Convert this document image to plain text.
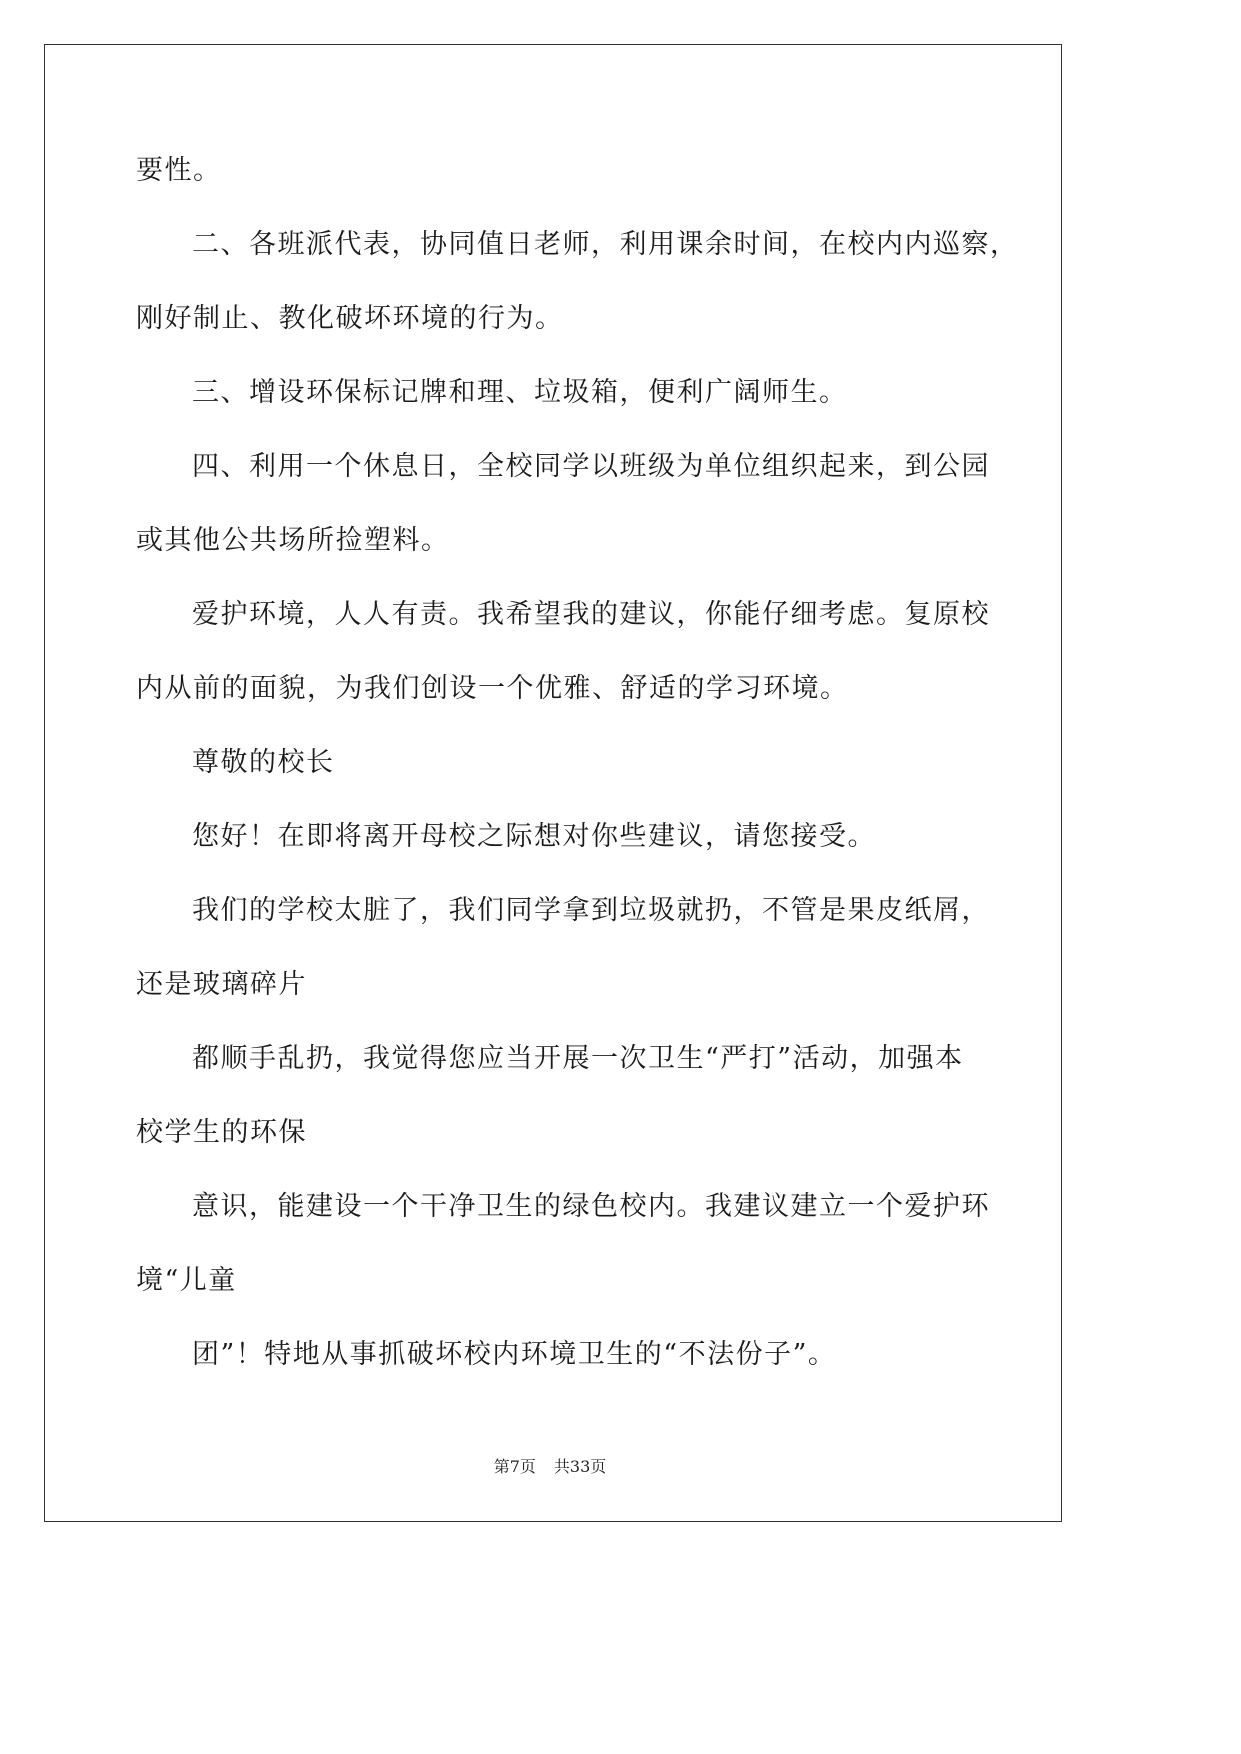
要性。
二、各班派代表，协同值日老师，利用课余时间，在校内内巡察，
刚好制止、教化破坏环境的行为。
三、增设环保标记牌和理、垃圾箱，便利广阔师生。
四、利用一个休息日，全校同学以班级为单位组织起来，到公园
或其他公共场所捡塑料。
爱护环境，人人有责。我希望我的建议，你能仔细考虑。复原校
内从前的面貌，为我们创设一个优雅、舒适的学习环境。
尊敬的校长
您好！在即将离开母校之际想对你些建议，请您接受。
我们的学校太脏了，我们同学拿到垃圾就扔，不管是果皮纸屑，
还是玻璃碎片
都顺手乱扔，我觉得您应当开展一次卫生“严打”活动，加强本
校学生的环保
意识，能建设一个干净卫生的绿色校内。我建议建立一个爱护环
境“儿童
团”！特地从事抓破坏校内环境卫生的“不法份子”。
第7页 共33页
